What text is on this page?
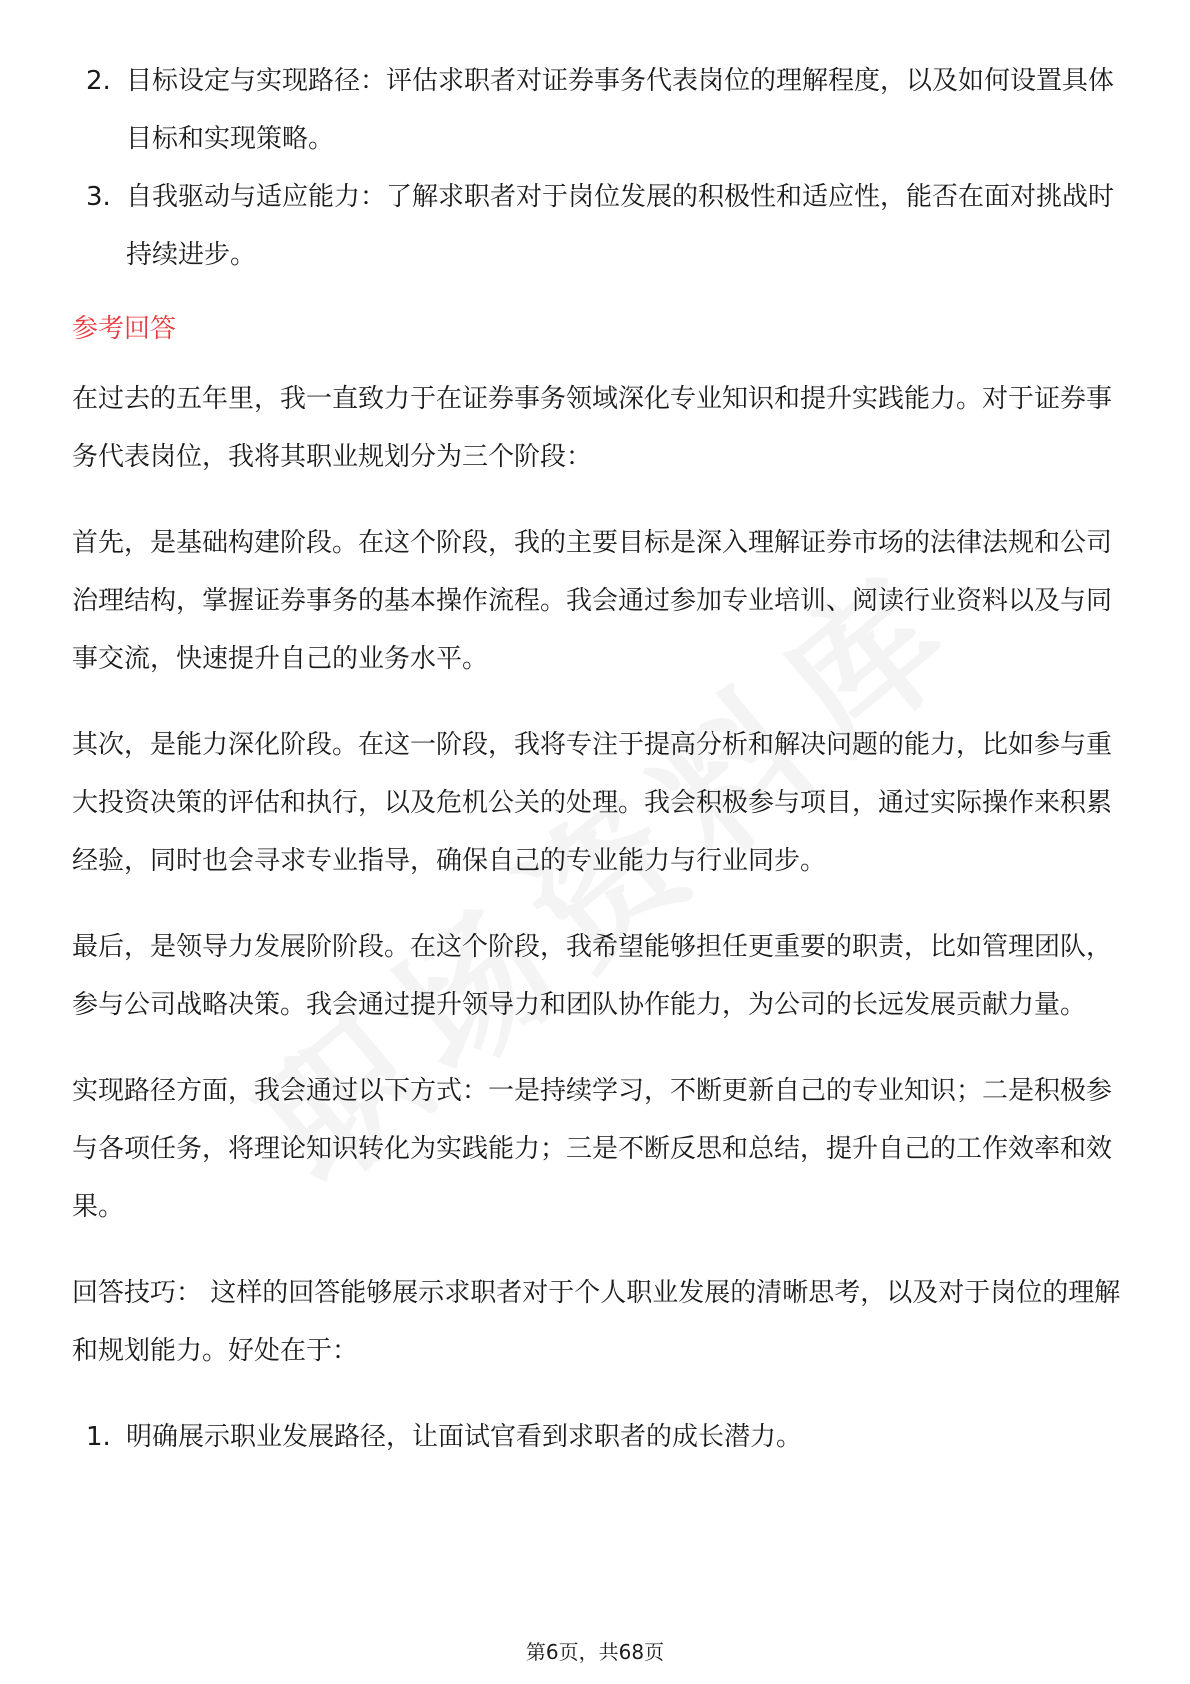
2. 目标设定与实现路径：评估求职者对证券事务代表岗位的理解程度，以及如何设置具体目标和实现策略。
3. 自我驱动与适应能力：了解求职者对于岗位发展的积极性和适应性，能否在面对挑战时持续进步。
参考回答

在过去的五年里，我一直致力于在证券事务领域深化专业知识和提升实践能力。对于证券事务代表岗位，我将其职业规划分为三个阶段：

首先，是基础构建阶段。在这个阶段，我的主要目标是深入理解证券市场的法律法规和公司治理结构，掌握证券事务的基本操作流程。我会通过参加专业培训、阅读行业资料以及与同事交流，快速提升自己的业务水平。

其次，是能力深化阶段。在这一阶段，我将专注于提高分析和解决问题的能力，比如参与重大投资决策的评估和执行，以及危机公关的处理。我会积极参与项目，通过实际操作来积累经验，同时也会寻求专业指导，确保自己的专业能力与行业同步。

最后，是领导力发展阶阶段。在这个阶段，我希望能够担任更重要的职责，比如管理团队，参与公司战略决策。我会通过提升领导力和团队协作能力，为公司的长远发展贡献力量。

实现路径方面，我会通过以下方式：一是持续学习，不断更新自己的专业知识；二是积极参与各项任务，将理论知识转化为实践能力；三是不断反思和总结，提升自己的工作效率和效果。

回答技巧： 这样的回答能够展示求职者对于个人职业发展的清晰思考，以及对于岗位的理解和规划能力。好处在于：

1. 明确展示职业发展路径，让面试官看到求职者的成长潜力。
第6页，共68页
